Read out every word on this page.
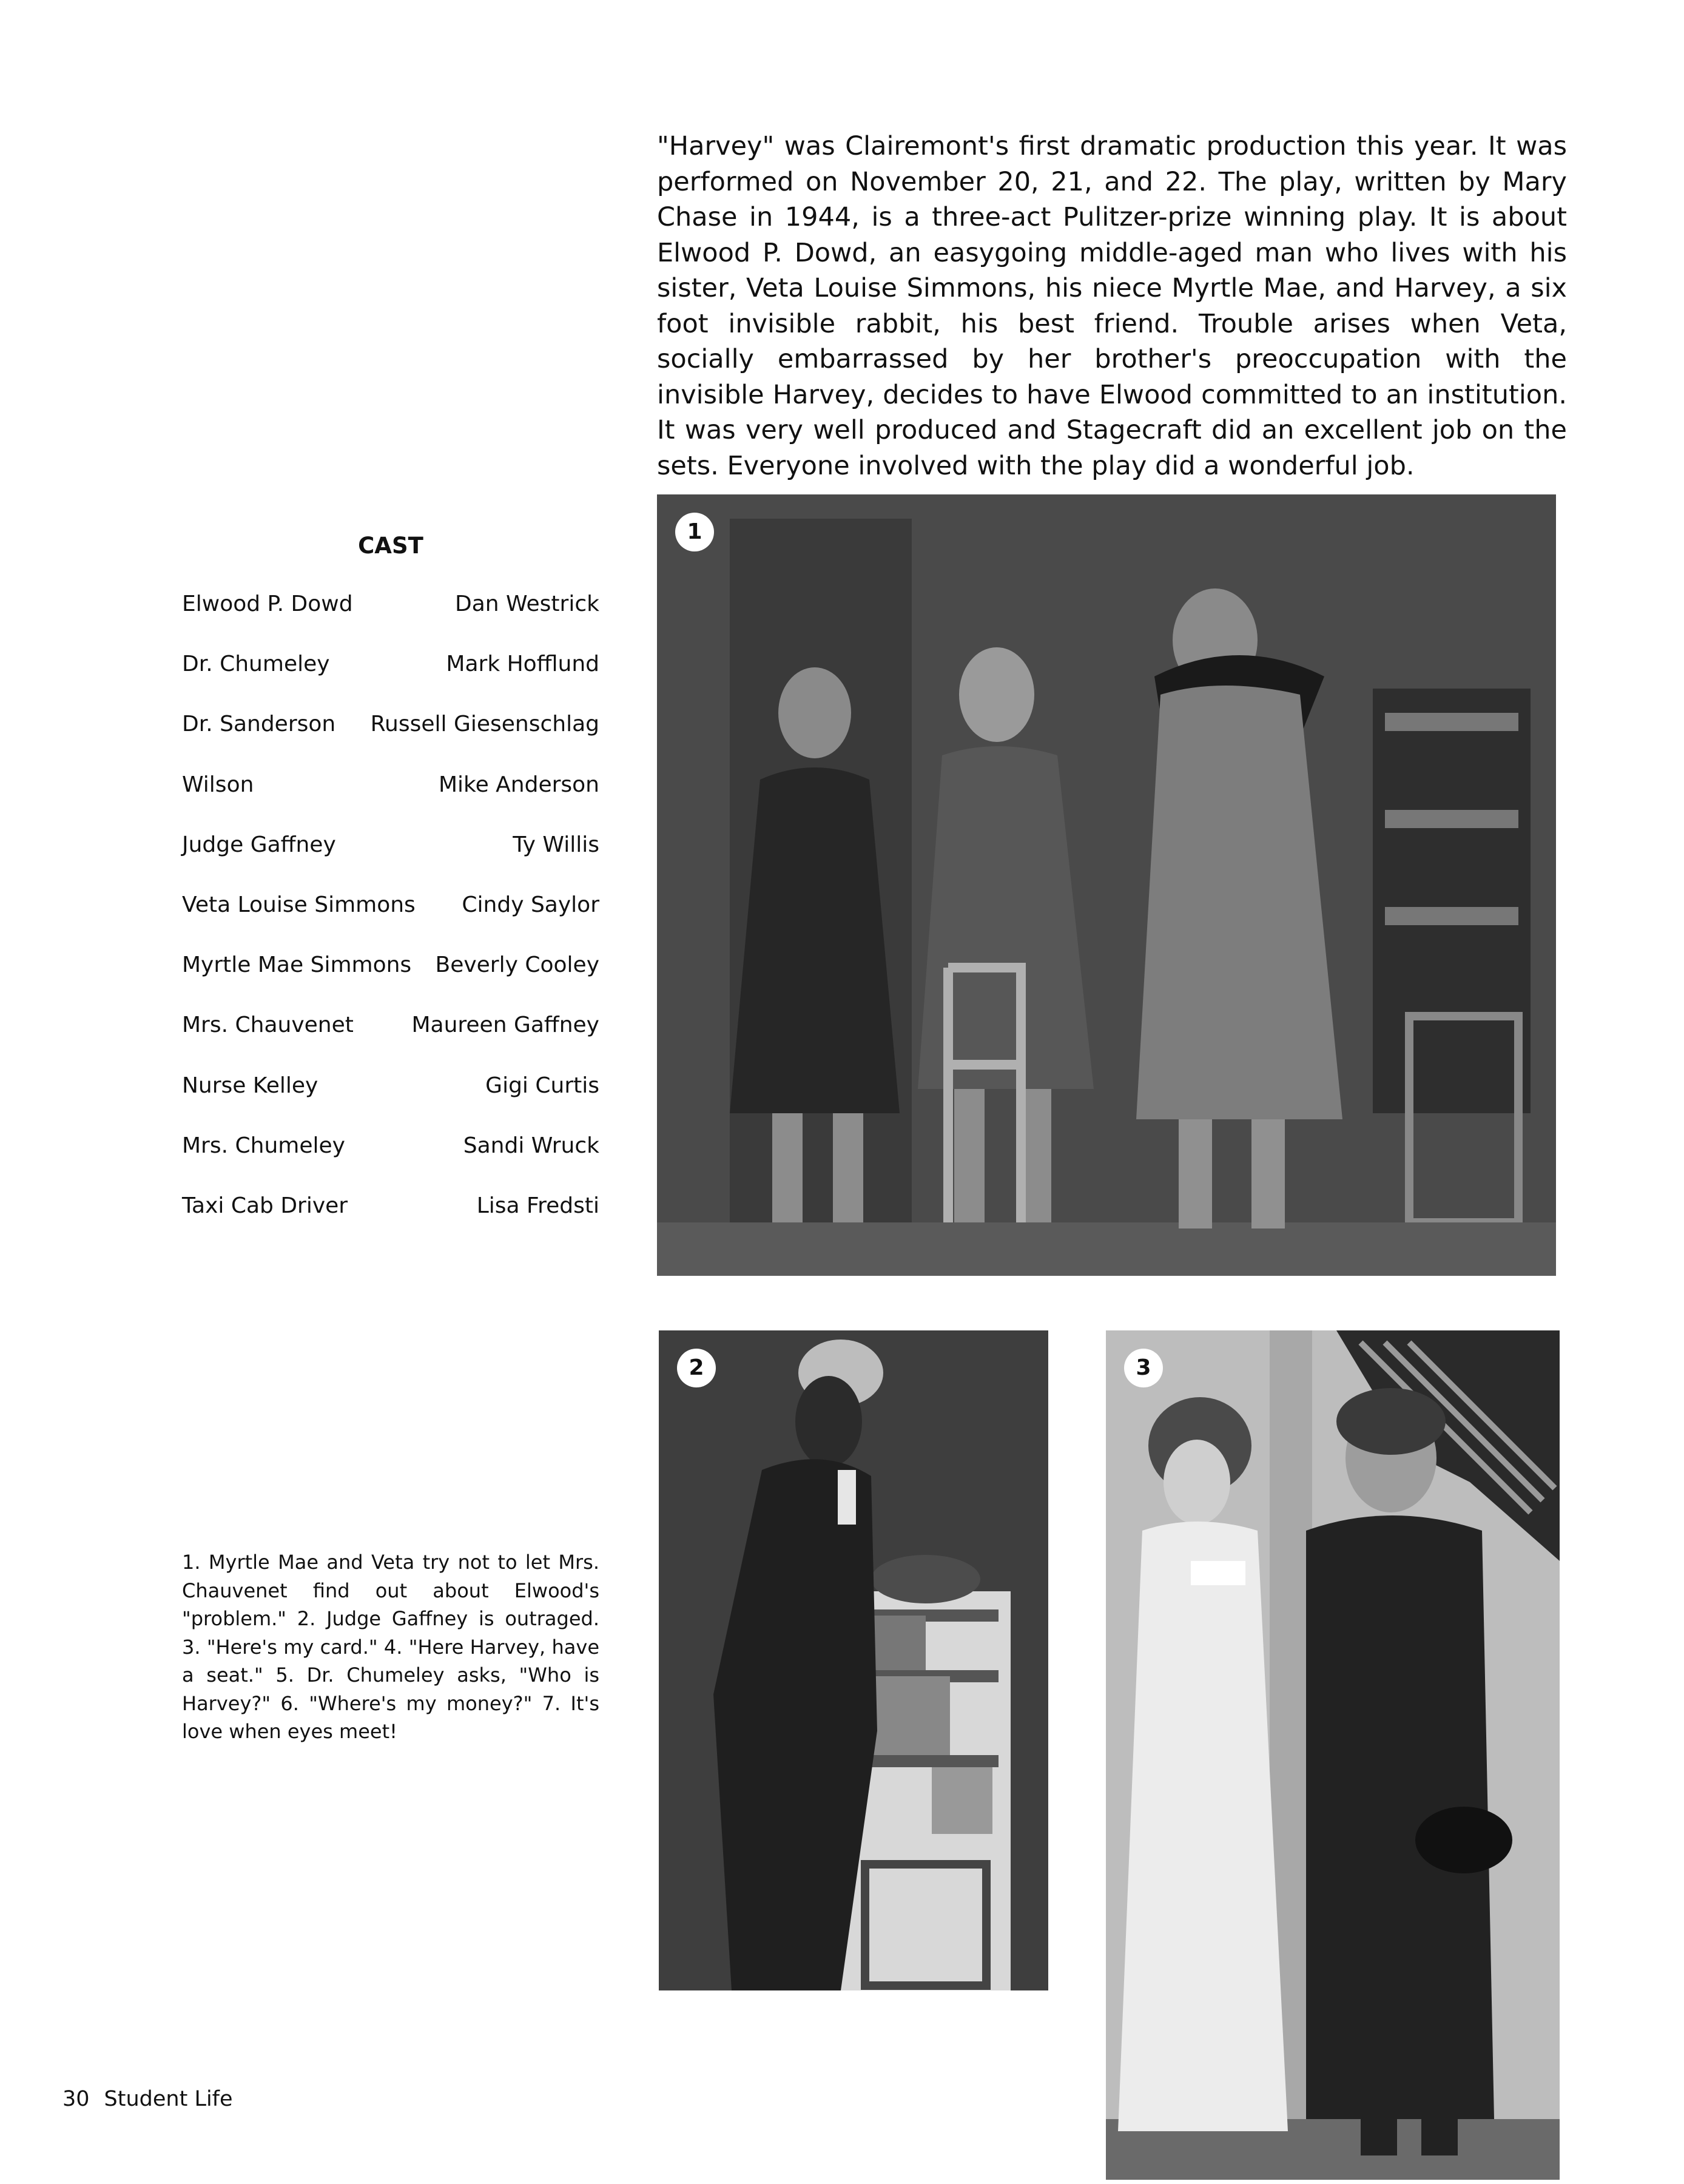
"Harvey" was Clairemont's first dramatic production this year. It was performed on November 20, 21, and 22. The play, written by Mary Chase in 1944, is a three-act Pulitzer-prize winning play. It is about Elwood P. Dowd, an easygoing middle-aged man who lives with his sister, Veta Louise Simmons, his niece Myrtle Mae, and Harvey, a six foot invisible rabbit, his best friend. Trouble arises when Veta, socially embarrassed by her brother's preoccupation with the invisible Harvey, decides to have Elwood committed to an institution. It was very well produced and Stagecraft did an excellent job on the sets. Everyone involved with the play did a wonderful job.

CAST
Elwood P. Dowd	Dan Westrick
Dr. Chumeley	Mark Hofflund
Dr. Sanderson Russell Giesenschlag
Wilson	Mike Anderson
Judge Gaffney	Ty Willis
Veta Louise Simmons Cindy Saylor
Myrtle Mae Simmons Beverly Cooley
Mrs. Chauvenet	Maureen Gaffney
Nurse Kelley	Gigi Curtis
Mrs. Chumeley	Sandi Wruck
Taxi Cab Driver	Lisa Fredsti
1
2	3

1. Myrtle Mae and Veta try not to let Mrs. Chauvenet find out about Elwood's "problem." 2. Judge Gaffney is outraged. 3. "Here's my card." 4. "Here Harvey, have a seat." 5. Dr. Chumeley asks, "Who is Harvey?" 6. "Where's my money?" 7. It's love when eyes meet!

30 Student Life
